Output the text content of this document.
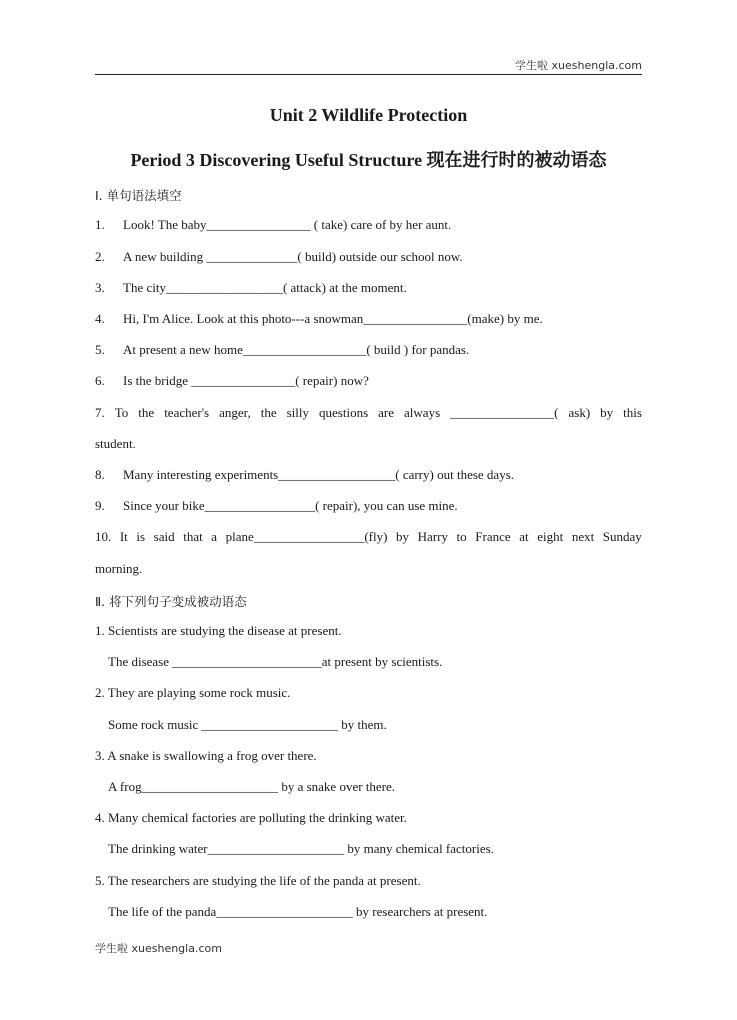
学生啦 xueshengla.com
Unit 2 Wildlife Protection
Period 3 Discovering Useful Structure 现在进行时的被动语态
Ⅰ. 单句语法填空
1. Look! The baby________________ ( take) care of by her aunt.
2. A new building ______________( build) outside our school now.
3. The city__________________( attack) at the moment.
4. Hi, I'm Alice. Look at this photo---a snowman________________(make) by me.
5. At present a new home___________________( build ) for pandas.
6. Is the bridge ________________( repair) now?
7. To the teacher's anger, the silly questions are always ________________( ask) by this
student.
8. Many interesting experiments__________________( carry) out these days.
9. Since your bike_________________( repair), you can use mine.
10. It is said that a plane_________________(fly) by Harry to France at eight next Sunday
morning.
Ⅱ. 将下列句子变成被动语态
1. Scientists are studying the disease at present.
The disease _______________________at present by scientists.
2. They are playing some rock music.
Some rock music _____________________ by them.
3. A snake is swallowing a frog over there.
A frog_____________________ by a snake over there.
4. Many chemical factories are polluting the drinking water.
The drinking water_____________________ by many chemical factories.
5. The researchers are studying the life of the panda at present.
The life of the panda_____________________ by researchers at present.
学生啦 xueshengla.com
